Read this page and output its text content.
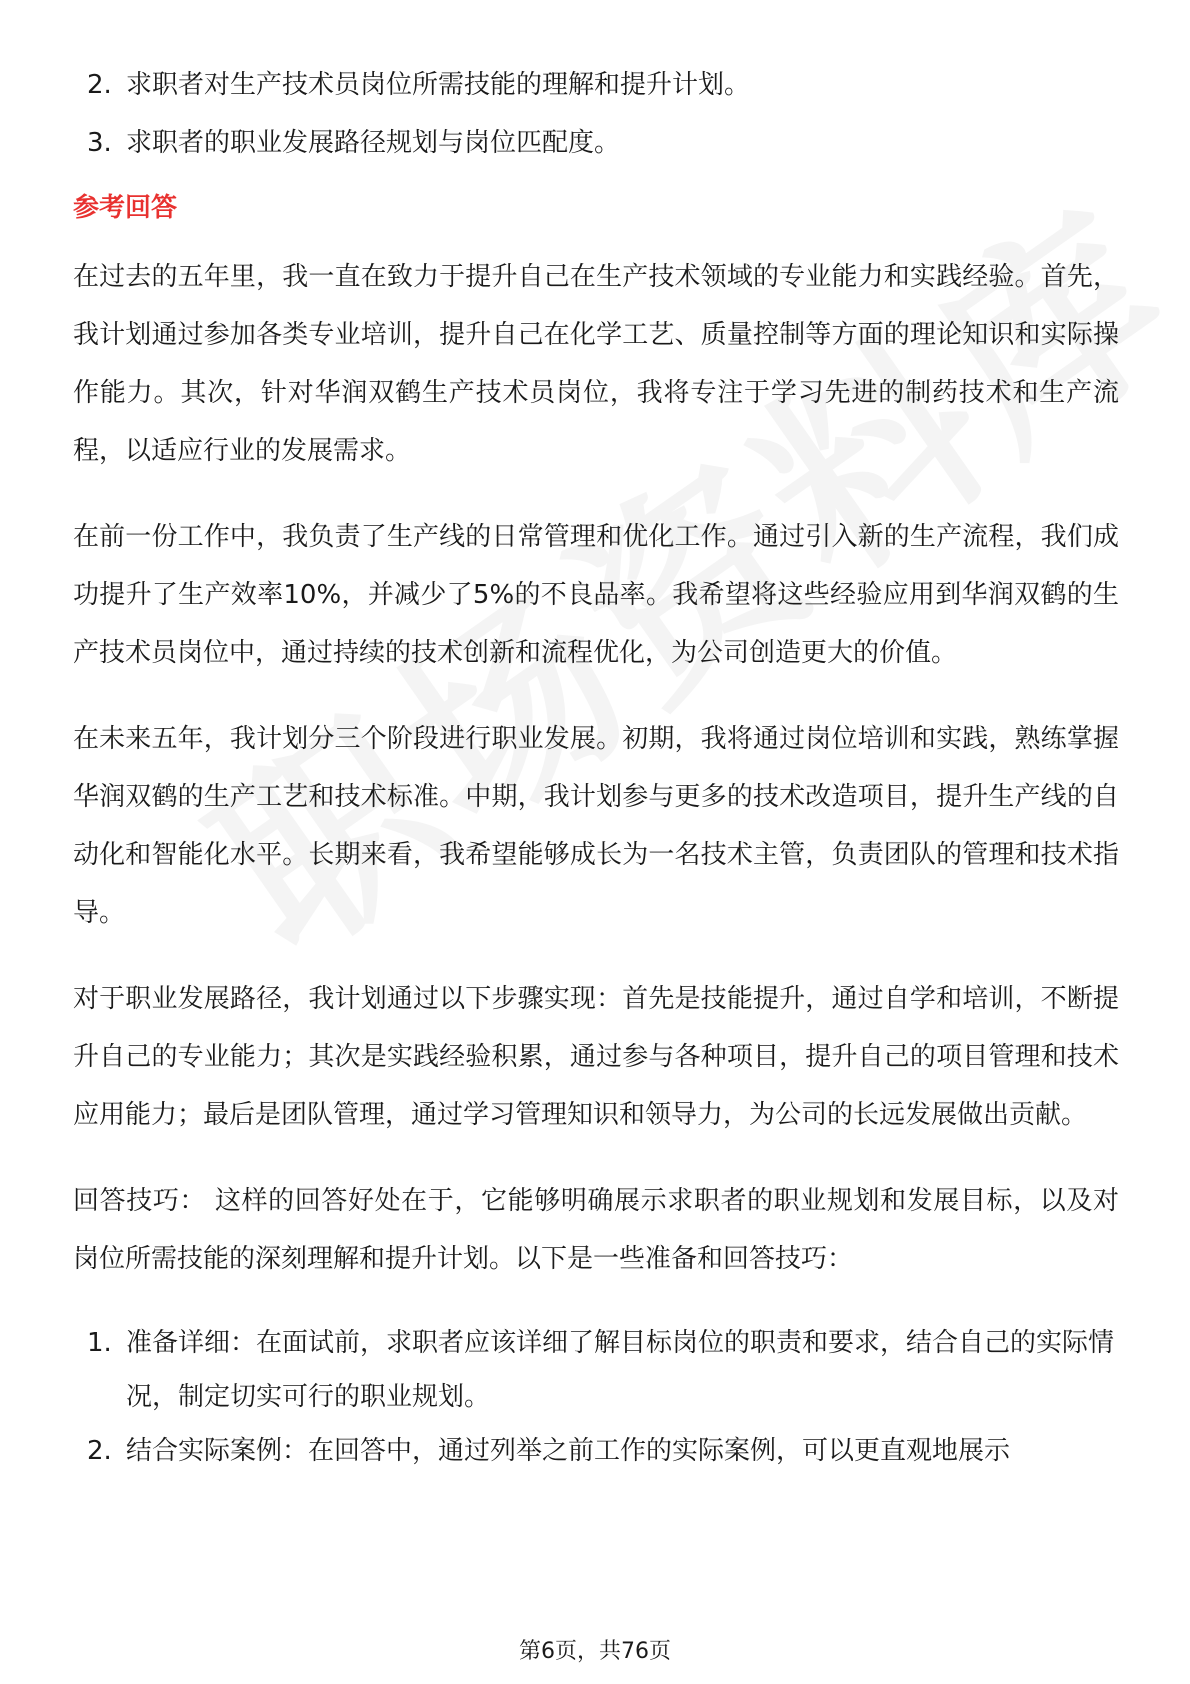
2. 求职者对生产技术员岗位所需技能的理解和提升计划。
3. 求职者的职业发展路径规划与岗位匹配度。
参考回答

在过去的五年里，我一直在致力于提升自己在生产技术领域的专业能力和实践经验。首先，我计划通过参加各类专业培训，提升自己在化学工艺、质量控制等方面的理论知识和实际操作能力。其次，针对华润双鹤生产技术员岗位，我将专注于学习先进的制药技术和生产流程，以适应行业的发展需求。

在前一份工作中，我负责了生产线的日常管理和优化工作。通过引入新的生产流程，我们成功提升了生产效率10%，并减少了5%的不良品率。我希望将这些经验应用到华润双鹤的生产技术员岗位中，通过持续的技术创新和流程优化，为公司创造更大的价值。

在未来五年，我计划分三个阶段进行职业发展。初期，我将通过岗位培训和实践，熟练掌握华润双鹤的生产工艺和技术标准。中期，我计划参与更多的技术改造项目，提升生产线的自动化和智能化水平。长期来看，我希望能够成长为一名技术主管，负责团队的管理和技术指导。

对于职业发展路径，我计划通过以下步骤实现：首先是技能提升，通过自学和培训，不断提升自己的专业能力；其次是实践经验积累，通过参与各种项目，提升自己的项目管理和技术应用能力；最后是团队管理，通过学习管理知识和领导力，为公司的长远发展做出贡献。

回答技巧： 这样的回答好处在于，它能够明确展示求职者的职业规划和发展目标，以及对岗位所需技能的深刻理解和提升计划。以下是一些准备和回答技巧：

1. 准备详细：在面试前，求职者应该详细了解目标岗位的职责和要求，结合自己的实际情况，制定切实可行的职业规划。
2. 结合实际案例：在回答中，通过列举之前工作的实际案例，可以更直观地展示
第6页，共76页
